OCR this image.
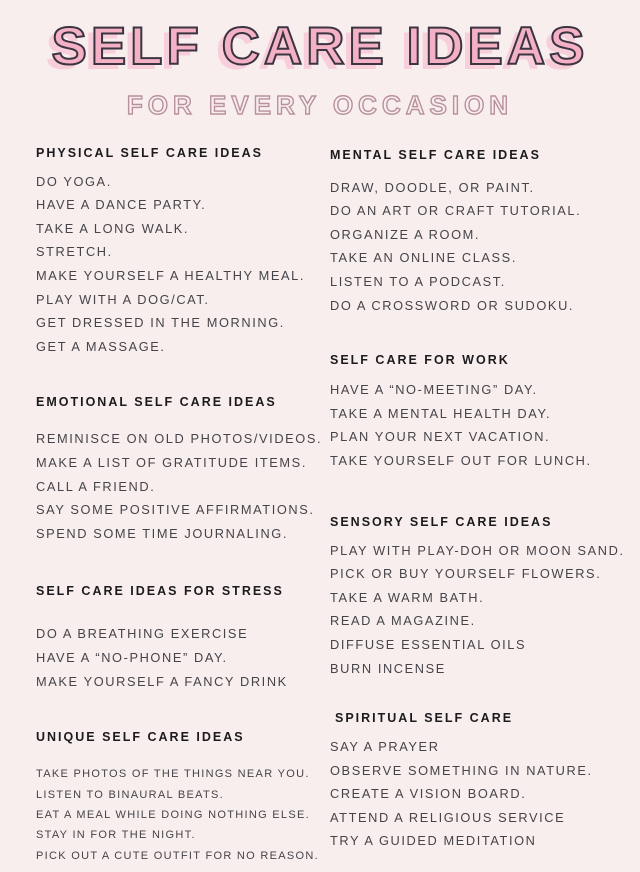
SELF CARE IDEAS
FOR EVERY OCCASION
PHYSICAL SELF CARE IDEAS

DO YOGA.

HAVE A DANCE PARTY.

TAKE A LONG WALK.

STRETCH.

MAKE YOURSELF A HEALTHY MEAL.

PLAY WITH A DOG/CAT.

GET DRESSED IN THE MORNING.

GET A MASSAGE.

EMOTIONAL SELF CARE IDEAS

REMINISCE ON OLD PHOTOS/VIDEOS.

MAKE A LIST OF GRATITUDE ITEMS.

CALL A FRIEND.

SAY SOME POSITIVE AFFIRMATIONS.

SPEND SOME TIME JOURNALING.

SELF CARE IDEAS FOR STRESS

DO A BREATHING EXERCISE

HAVE A “NO-PHONE” DAY.

MAKE YOURSELF A FANCY DRINK

UNIQUE SELF CARE IDEAS

TAKE PHOTOS OF THE THINGS NEAR YOU.

LISTEN TO BINAURAL BEATS.

EAT A MEAL WHILE DOING NOTHING ELSE.

STAY IN FOR THE NIGHT.

PICK OUT A CUTE OUTFIT FOR NO REASON.

MENTAL SELF CARE IDEAS

DRAW, DOODLE, OR PAINT.

DO AN ART OR CRAFT TUTORIAL.

ORGANIZE A ROOM.

TAKE AN ONLINE CLASS.

LISTEN TO A PODCAST.

DO A CROSSWORD OR SUDOKU.

SELF CARE FOR WORK

HAVE A “NO-MEETING” DAY.

TAKE A MENTAL HEALTH DAY.

PLAN YOUR NEXT VACATION.

TAKE YOURSELF OUT FOR LUNCH.

SENSORY SELF CARE IDEAS

PLAY WITH PLAY-DOH OR MOON SAND.

PICK OR BUY YOURSELF FLOWERS.

TAKE A WARM BATH.

READ A MAGAZINE.

DIFFUSE ESSENTIAL OILS

BURN INCENSE

SPIRITUAL SELF CARE

SAY A PRAYER

OBSERVE SOMETHING IN NATURE.

CREATE A VISION BOARD.

ATTEND A RELIGIOUS SERVICE

TRY A GUIDED MEDITATION
